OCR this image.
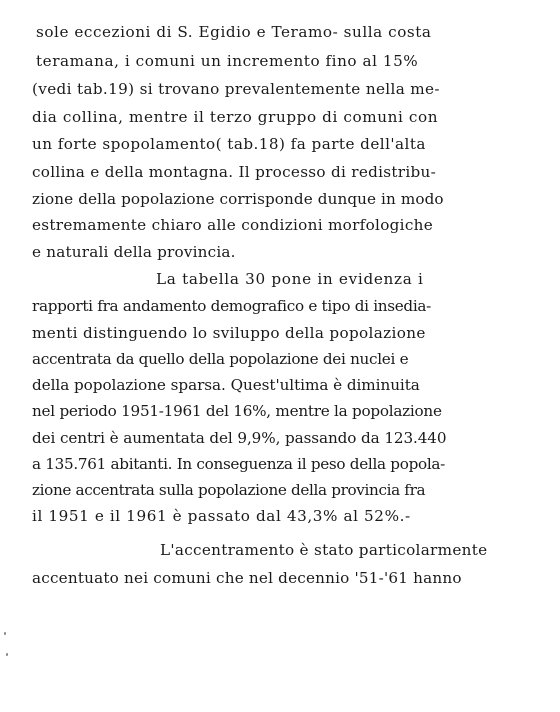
sole eccezioni di S. Egidio e Teramo- sulla costa
teramana, i comuni un incremento fino al 15%
(vedi tab.19) si trovano prevalentemente nella me-
dia collina, mentre il terzo gruppo di comuni con
un forte spopolamento( tab.18) fa parte dell'alta
collina e della montagna. Il processo di redistribu-
zione della popolazione corrisponde dunque in modo
estremamente chiaro alle condizioni morfologiche
e naturali della provincia.
La tabella 30 pone in evidenza i
rapporti fra andamento demografico e tipo di insedia-
menti distinguendo lo sviluppo della popolazione
accentrata da quello della popolazione dei nuclei e
della popolazione sparsa. Quest'ultima è diminuita
nel periodo 1951-1961 del 16%, mentre la popolazione
dei centri è aumentata del 9,9%, passando da 123.440
a 135.761 abitanti. In conseguenza il peso della popola-
zione accentrata sulla popolazione della provincia fra
il 1951 e il 1961 è passato dal 43,3% al 52%.-
L'accentramento è stato particolarmente
accentuato nei comuni che nel decennio '51-'61 hanno
